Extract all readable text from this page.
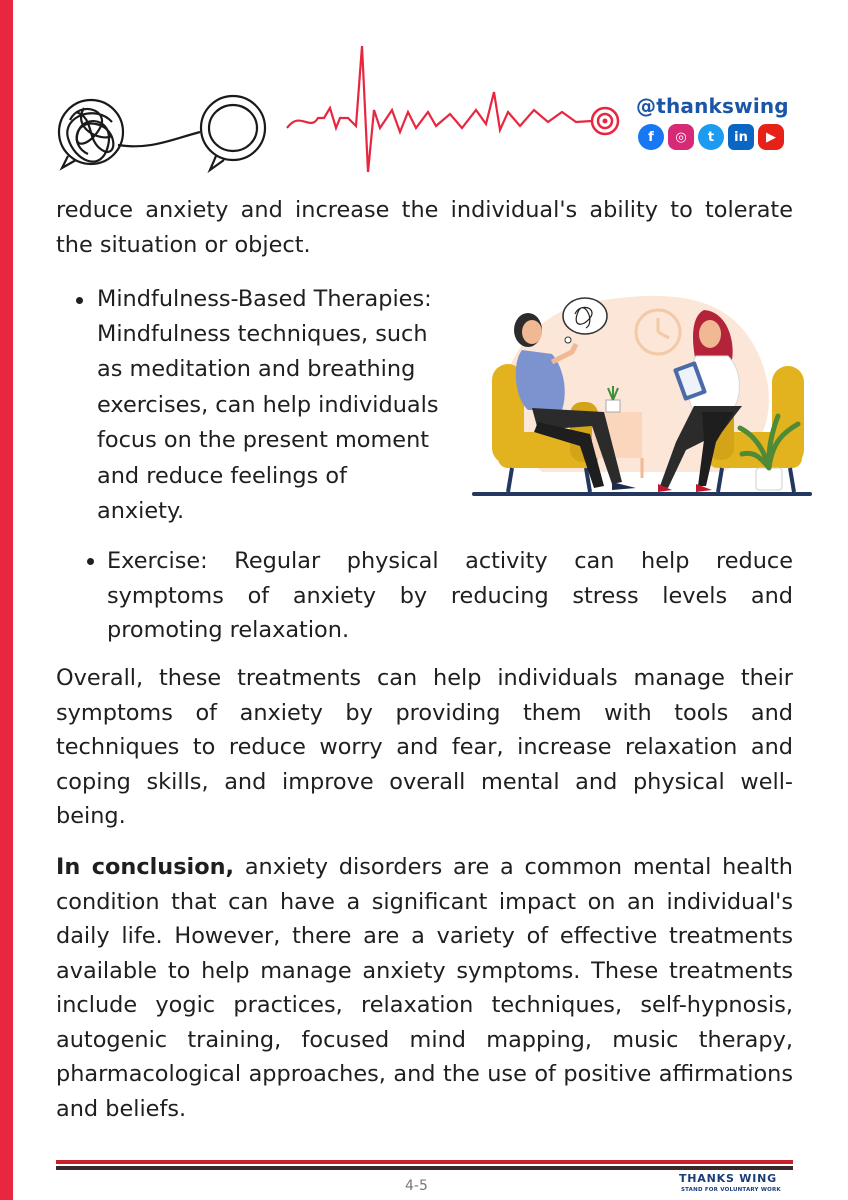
@thankswing
f	◎	t	in	▶

reduce anxiety and increase the individual's ability to tolerate the situation or object.

Mindfulness-Based Therapies:
Mindfulness techniques, such
as meditation and breathing
exercises, can help individuals
focus on the present moment
and reduce feelings of
anxiety.

Exercise: Regular physical activity can help reduce symptoms of anxiety by reducing stress levels and promoting relaxation.

Overall, these treatments can help individuals manage their symptoms of anxiety by providing them with tools and techniques to reduce worry and fear, increase relaxation and coping skills, and improve overall mental and physical well-being.

In conclusion, anxiety disorders are a common mental health condition that can have a significant impact on an individual's daily life. However, there are a variety of effective treatments available to help manage anxiety symptoms. These treatments include yogic practices, relaxation techniques, self-hypnosis, autogenic training, focused mind mapping, music therapy, pharmacological approaches, and the use of positive affirmations and beliefs.

4-5	THANKS WING
STAND FOR VOLUNTARY WORK
